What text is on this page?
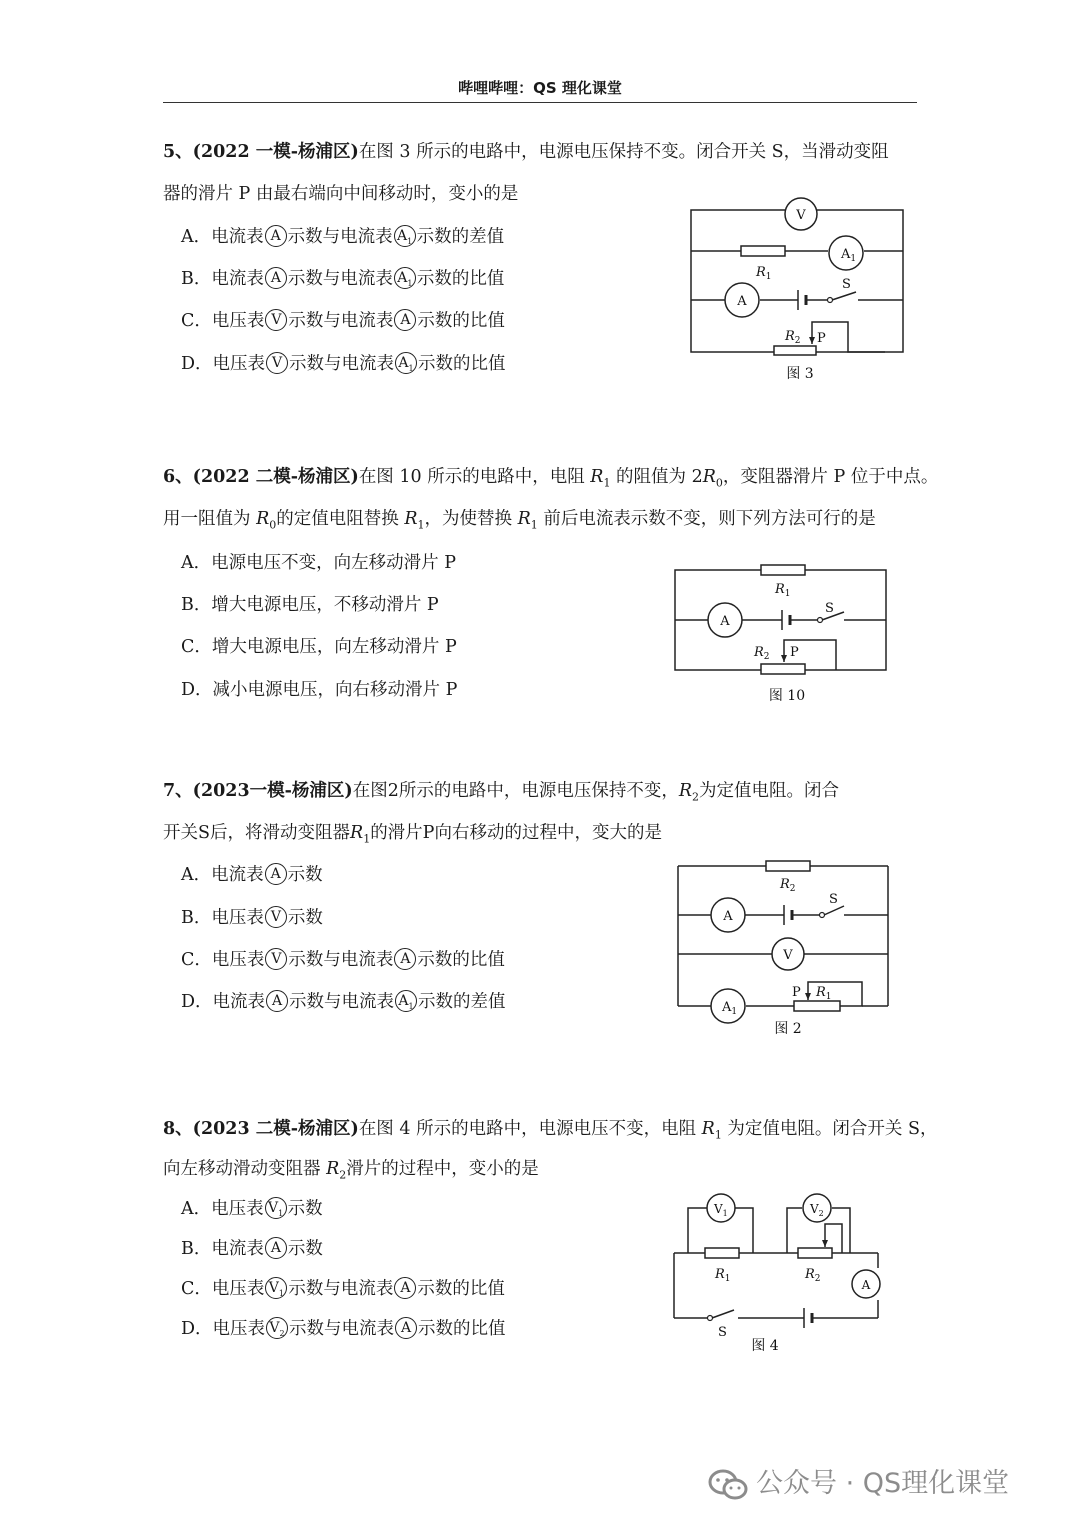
哔哩哔哩：QS 理化课堂
5、(2022 一模-杨浦区)在图 3 所示的电路中，电源电压保持不变。闭合开关 S，当滑动变阻
器的滑片 P 由最右端向中间移动时，变小的是
A．电流表 A 示数与电流表 $A_1$ 示数的差值
B．电流表 A 示数与电流表 $A_1$ 示数的比值
C．电压表 V 示数与电流表 A 示数的比值
D．电压表 V 示数与电流表 $A_1$ 示数的比值
V
$R_1$
$A_1$
A
S
$R_2$ P
图 3
6、(2022 二模-杨浦区)在图 10 所示的电路中，电阻 $R_1$ 的阻值为 $2R_0$，变阻器滑片 P 位于中点。
用一阻值为 $R_0$的定值电阻替换 $R_1$，为使替换 $R_1$ 前后电流表示数不变，则下列方法可行的是
A．电源电压不变，向左移动滑片 P
B．增大电源电压，不移动滑片 P
C．增大电源电压，向左移动滑片 P
D．减小电源电压，向右移动滑片 P
$R_1$
A
S
$R_2$ P
图 10
7、(2023一模-杨浦区)在图2所示的电路中，电源电压保持不变，$R_2$为定值电阻。闭合
开关S后，将滑动变阻器$R_1$的滑片P向右移动的过程中，变大的是
A．电流表 A 示数
B．电压表 V 示数
C．电压表 V 示数与电流表 A 示数的比值
D．电流表 A 示数与电流表 $A_1$ 示数的差值
$R_2$
A
S
V
$A_1$
P $R_1$
图 2
8、(2023 二模-杨浦区)在图 4 所示的电路中，电源电压不变，电阻 $R_1$ 为定值电阻。闭合开关 S，
向左移动滑动变阻器 $R_2$滑片的过程中，变小的是
A．电压表 $V_1$ 示数
B．电流表 A 示数
C．电压表 $V_1$ 示数与电流表 A 示数的比值
D．电压表 $V_2$ 示数与电流表 A 示数的比值
$V_1$	$V_2$
$R_1$	$R_2$	A
S
图 4
公众号 · QS理化课堂
